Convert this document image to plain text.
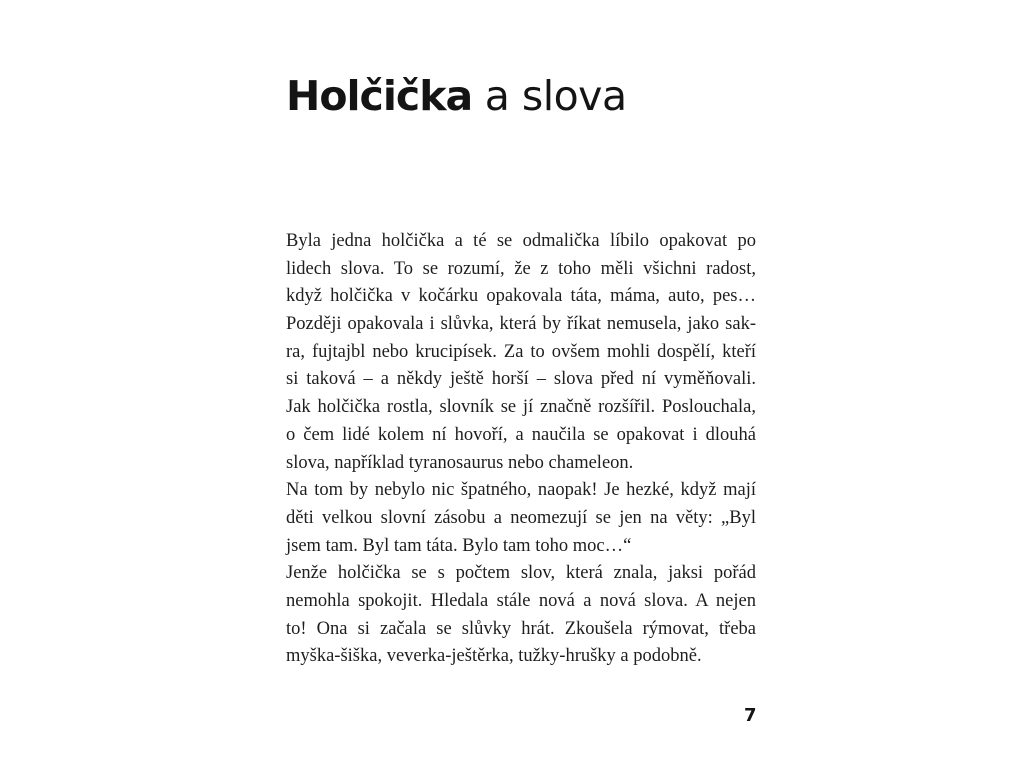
Holčička a slova
Byla jedna holčička a té se odmalička líbilo opakovat po
lidech slova. To se rozumí, že z toho měli všichni radost,
když holčička v kočárku opakovala táta, máma, auto, pes…
Později opakovala i slůvka, která by říkat nemusela, jako sak-
ra, fujtajbl nebo krucipísek. Za to ovšem mohli dospělí, kteří
si taková – a někdy ještě horší – slova před ní vyměňovali.
Jak holčička rostla, slovník se jí značně rozšířil. Poslouchala,
o čem lidé kolem ní hovoří, a naučila se opakovat i dlouhá
slova, například tyranosaurus nebo chameleon.
Na tom by nebylo nic špatného, naopak! Je hezké, když mají
děti velkou slovní zásobu a neomezují se jen na věty: „Byl
jsem tam. Byl tam táta. Bylo tam toho moc…“
Jenže holčička se s počtem slov, která znala, jaksi pořád
nemohla spokojit. Hledala stále nová a nová slova. A nejen
to! Ona si začala se slůvky hrát. Zkoušela rýmovat, třeba
myška-šiška, veverka-ještěrka, tužky-hrušky a podobně.
7
